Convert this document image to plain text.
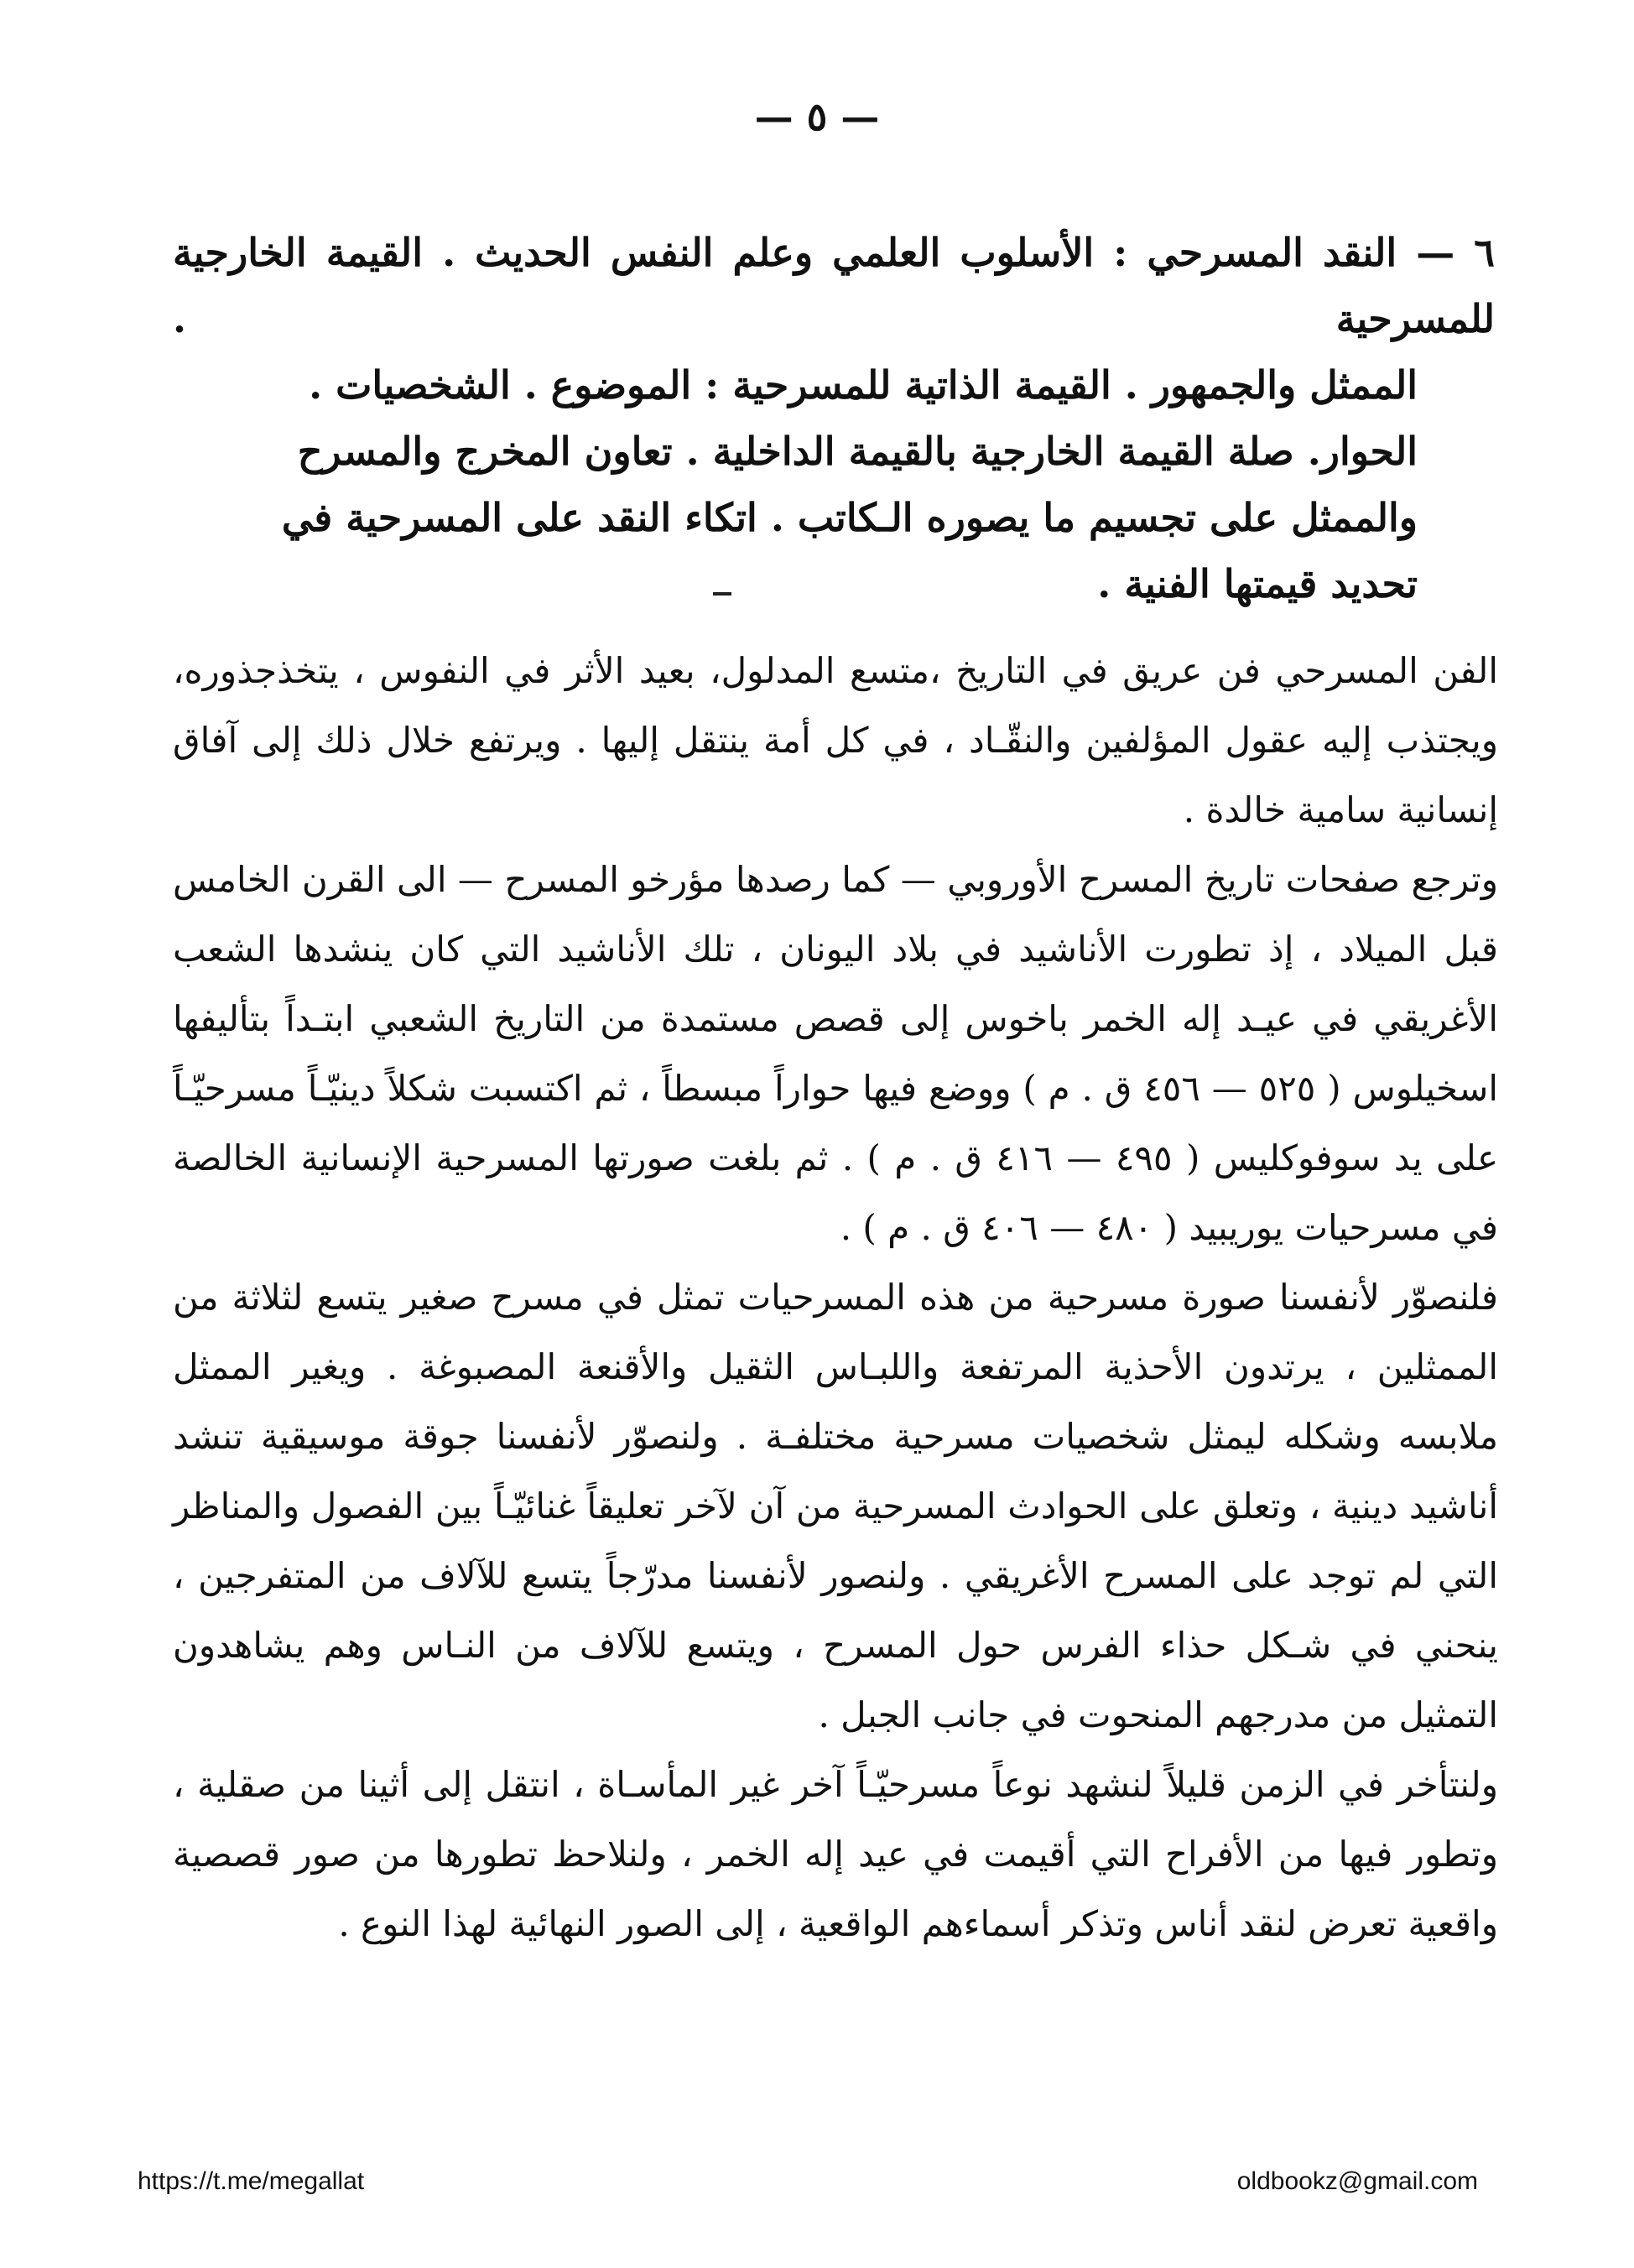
— ٥ —
٦ — النقد المسرحي : الأسلوب العلمي وعلم النفس الحديث . القيمة الخارجية للمسرحية .
الممثل والجمهور . القيمة الذاتية للمسرحية : الموضوع . الشخصيات .
الحوار. صلة القيمة الخارجية بالقيمة الداخلية . تعاون المخرج والمسرح
والممثل على تجسيم ما يصوره الـكاتب . اتكاء النقد على المسرحية في
تحديد قيمتها الفنية .

الفن المسرحي فن عريق في التاريخ ،متسع المدلول، بعيد الأثر في النفوس ، يتخذجذوره، ويجتذب إليه عقول المؤلفين والنقّـاد ، في كل أمة ينتقل إليها . ويرتفع خلال ذلك إلى آفاق إنسانية سامية خالدة .

وترجع صفحات تاريخ المسرح الأوروبي — كما رصدها مؤرخو المسرح — الى القرن الخامس قبل الميلاد ، إذ تطورت الأناشيد في بلاد اليونان ، تلك الأناشيد التي كان ينشدها الشعب الأغريقي في عيـد إله الخمر باخوس إلى قصص مستمدة من التاريخ الشعبي ابتـداً بتأليفها اسخيلوس ( ٥٢٥ — ٤٥٦ ق . م ) ووضع فيها حواراً مبسطاً ، ثم اكتسبت شكلاً دينيّـاً مسرحيّـاً على يد سوفوكليس ( ٤٩٥ — ٤١٦ ق . م ) . ثم بلغت صورتها المسرحية الإنسانية الخالصة في مسرحيات يوريبيد ( ٤٨٠ — ٤٠٦ ق . م ) .

فلنصوّر لأنفسنا صورة مسرحية من هذه المسرحيات تمثل في مسرح صغير يتسع لثلاثة من الممثلين ، يرتدون الأحذية المرتفعة واللبـاس الثقيل والأقنعة المصبوغة . ويغير الممثل ملابسه وشكله ليمثل شخصيات مسرحية مختلفـة . ولنصوّر لأنفسنا جوقة موسيقية تنشد أناشيد دينية ، وتعلق على الحوادث المسرحية من آن لآخر تعليقاً غنائيّـاً بين الفصول والمناظر التي لم توجد على المسرح الأغريقي . ولنصور لأنفسنا مدرّجاً يتسع للآلاف من المتفرجين ، ينحني في شـكل حذاء الفرس حول المسرح ، ويتسع للآلاف من النـاس وهم يشاهدون التمثيل من مدرجهم المنحوت في جانب الجبل .

ولنتأخر في الزمن قليلاً لنشهد نوعاً مسرحيّـاً آخر غير المأسـاة ، انتقل إلى أثينا من صقلية ، وتطور فيها من الأفراح التي أقيمت في عيد إله الخمر ، ولنلاحظ تطورها من صور قصصية واقعية تعرض لنقد أناس وتذكر أسماءهم الواقعية ، إلى الصور النهائية لهذا النوع .

https://t.me/megallat	oldbookz@gmail.com
